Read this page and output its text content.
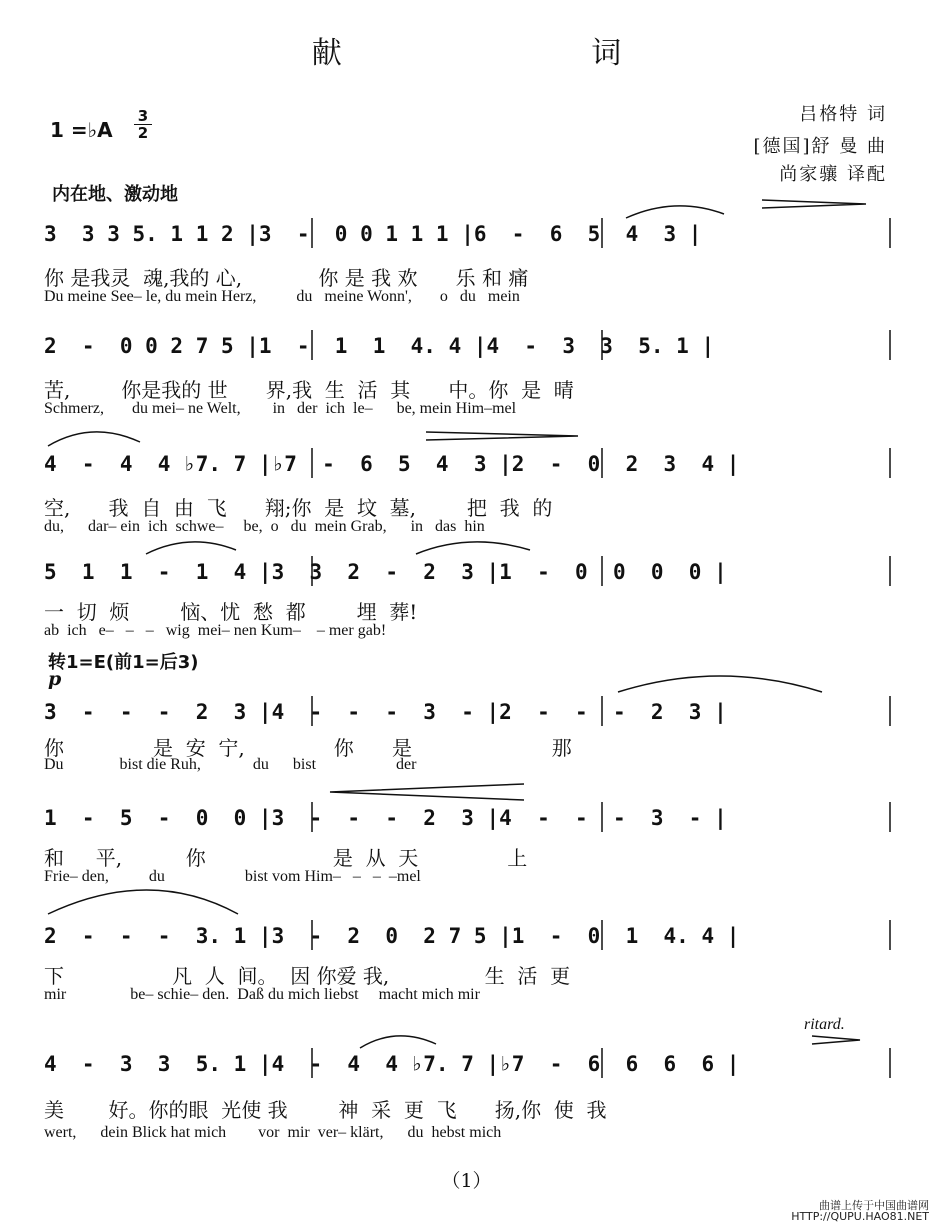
献 词
吕格特 词
[德国]舒 曼 曲
尚家骧 译配
1 =♭A $\frac{3}{2}$
内在地、激动地
3  3 3 5. 1 1 2 |3  -  0 0 1 1 1 |6  -  6  5  4  3 |
你 是我灵  魂,我的 心,            你 是 我 欢      乐 和 痛
Du meine See– le, du mein Herz,          du   meine Wonn',       o   du   mein
2  -  0 0 2 7 5 |1  -  1  1  4. 4 |4  -  3  3  5. 1 |
苦,        你是我的 世      界,我  生  活  其      中。你  是  晴
Schmerz,       du mei– ne Welt,        in   der  ich  le–      be, mein Him–mel
4  -  4  4 ♭7. 7 |♭7  -  6  5  4  3 |2  -  0  2  3  4 |
空,      我  自  由  飞      翔;你  是  坟  墓,        把  我  的
du,      dar– ein  ich  schwe–     be,  o   du  mein Grab,      in   das  hin
5  1  1  -  1  4 |3  3  2  -  2  3 |1  -  0  0  0  0 |
一  切  烦        恼、忧  愁  都        埋  葬!
ab  ich   e–   –   –   wig  mei– nen Kum–    – mer gab!
转1=E(前1=后3)
p
3  -  -  -  2  3 |4  -  -  -  3  - |2  -  -  -  2  3 |
你              是  安  宁,              你      是                      那
Du              bist die Ruh,             du      bist                    der
1  -  5  -  0  0 |3  -  -  -  2  3 |4  -  -  -  3  - |
和     平,          你                    是  从  天              上
Frie– den,          du                    bist vom Him–   –   –  –mel
2  -  -  -  3. 1 |3  -  2  0  2 7 5 |1  -  0  1  4. 4 |
下                 凡  人  间。  因 你爱 我,               生  活  更
mir                be– schie– den.  Daß du mich liebst     macht mich mir
ritard.
4  -  3  3  5. 1 |4  -  4  4 ♭7. 7 |♭7  -  6  6  6  6 |
美       好。你的眼  光使 我        神  采  更  飞      扬,你  使  我
wert,      dein Blick hat mich        vor  mir  ver– klärt,      du  hebst mich
（1）
曲谱上传于中国曲谱网
HTTP://QUPU.HAO81.NET
